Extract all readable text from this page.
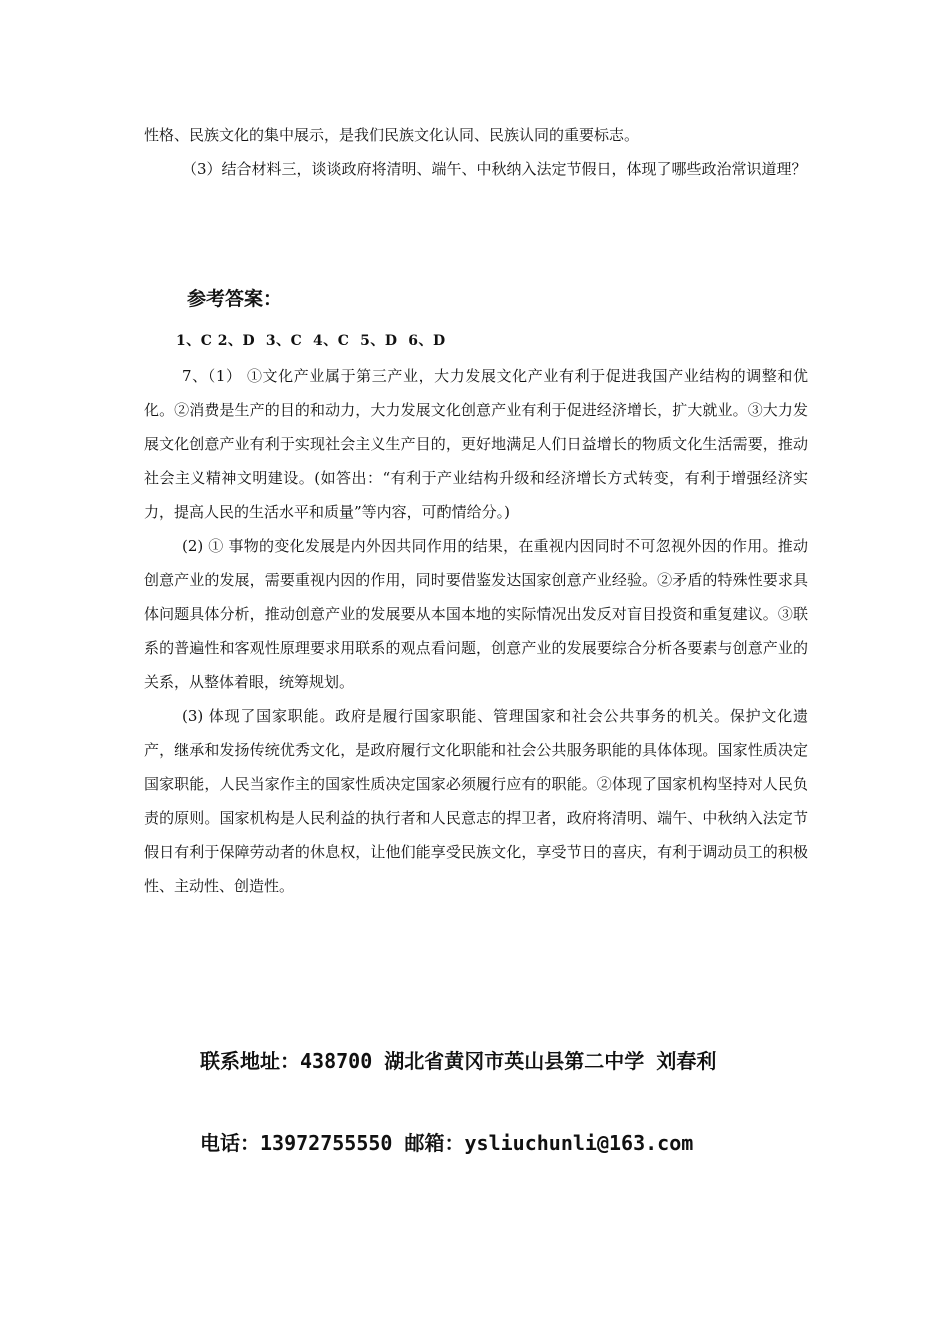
性格、民族文化的集中展示，是我们民族文化认同、民族认同的重要标志。

（3）结合材料三，谈谈政府将清明、端午、中秋纳入法定节假日，体现了哪些政治常识道理？

参考答案：
1、C 2、D  3、C  4、C  5、D  6、D

7、（1） ①文化产业属于第三产业，大力发展文化产业有利于促进我国产业结构的调整和优化。②消费是生产的目的和动力，大力发展文化创意产业有利于促进经济增长，扩大就业。③大力发展文化创意产业有利于实现社会主义生产目的，更好地满足人们日益增长的物质文化生活需要，推动社会主义精神文明建设。(如答出：“有利于产业结构升级和经济增长方式转变，有利于增强经济实力，提高人民的生活水平和质量”等内容，可酌情给分。)

(2) ① 事物的变化发展是内外因共同作用的结果，在重视内因同时不可忽视外因的作用。推动创意产业的发展，需要重视内因的作用，同时要借鉴发达国家创意产业经验。②矛盾的特殊性要求具体问题具体分析，推动创意产业的发展要从本国本地的实际情况出发反对盲目投资和重复建议。③联系的普遍性和客观性原理要求用联系的观点看问题，创意产业的发展要综合分析各要素与创意产业的关系，从整体着眼，统筹规划。

(3) 体现了国家职能。政府是履行国家职能、管理国家和社会公共事务的机关。保护文化遗产，继承和发扬传统优秀文化，是政府履行文化职能和社会公共服务职能的具体体现。国家性质决定国家职能，人民当家作主的国家性质决定国家必须履行应有的职能。②体现了国家机构坚持对人民负责的原则。国家机构是人民利益的执行者和人民意志的捍卫者，政府将清明、端午、中秋纳入法定节假日有利于保障劳动者的休息权，让他们能享受民族文化，享受节日的喜庆，有利于调动员工的积极性、主动性、创造性。

联系地址：438700 湖北省黄冈市英山县第二中学 刘春利
电话：13972755550 邮箱：ysliuchunli@163.com
